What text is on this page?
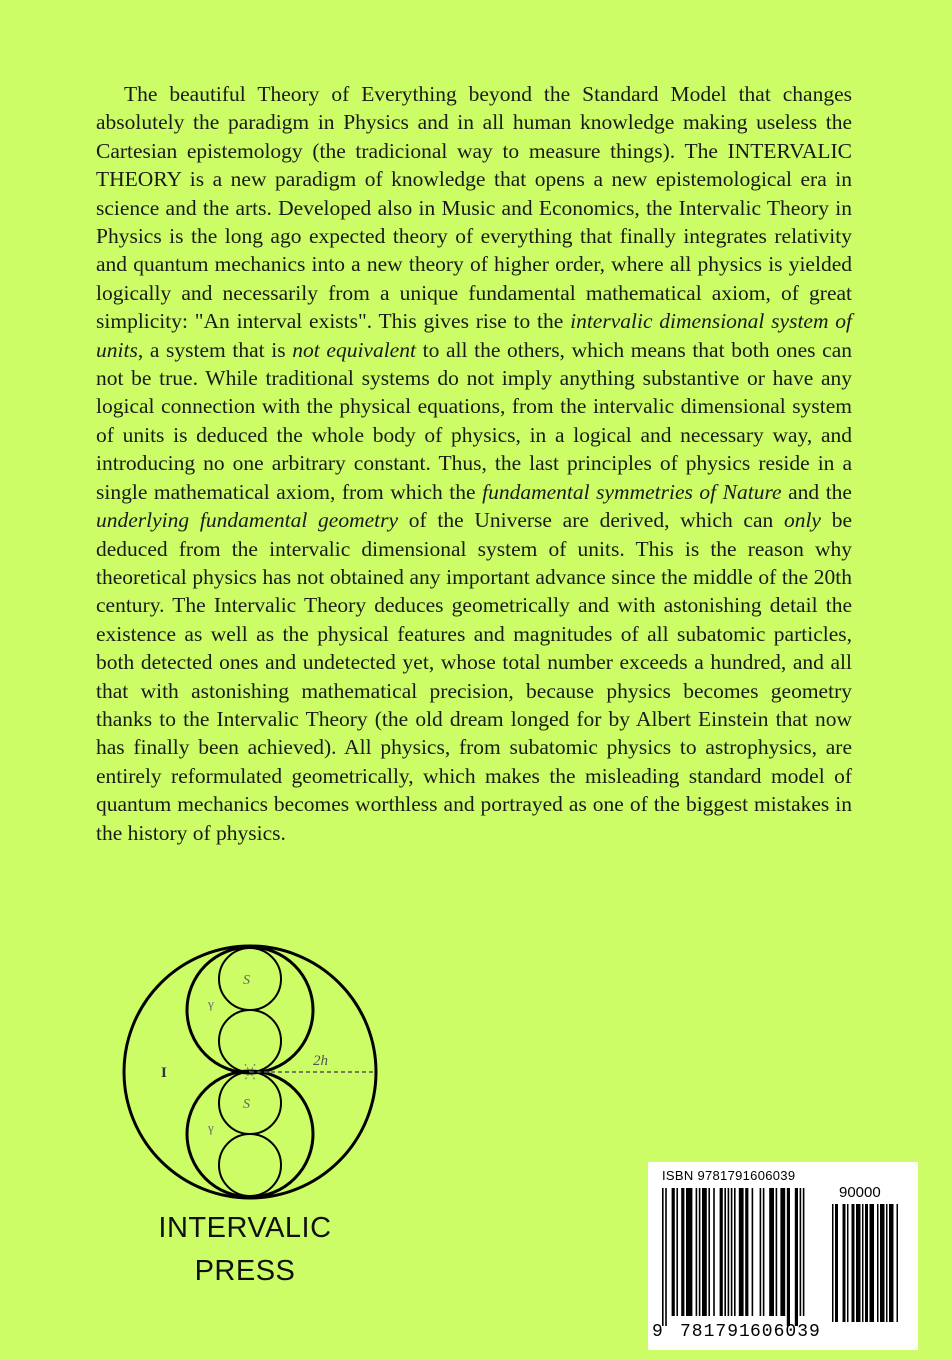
The beautiful Theory of Everything beyond the Standard Model that changes absolutely the paradigm in Physics and in all human knowledge making useless the Cartesian epistemology (the tradicional way to measure things). The INTERVALIC THEORY is a new paradigm of knowledge that opens a new epistemological era in science and the arts. Developed also in Music and Economics, the Intervalic Theory in Physics is the long ago expected theory of everything that finally integrates relativity and quantum mechanics into a new theory of higher order, where all physics is yielded logically and necessarily from a unique fundamental mathematical axiom, of great simplicity: "An interval exists". This gives rise to the intervalic dimensional system of units, a system that is not equivalent to all the others, which means that both ones can not be true. While traditional systems do not imply anything substantive or have any logical connection with the physical equations, from the intervalic dimensional system of units is deduced the whole body of physics, in a logical and necessary way, and introducing no one arbitrary constant. Thus, the last principles of physics reside in a single mathematical axiom, from which the fundamental symmetries of Nature and the underlying fundamental geometry of the Universe are derived, which can only be deduced from the intervalic dimensional system of units. This is the reason why theoretical physics has not obtained any important advance since the middle of the 20th century. The Intervalic Theory deduces geometrically and with astonishing detail the existence as well as the physical features and magnitudes of all subatomic particles, both detected ones and undetected yet, whose total number exceeds a hundred, and all that with astonishing mathematical precision, because physics becomes geometry thanks to the Intervalic Theory (the old dream longed for by Albert Einstein that now has finally been achieved). All physics, from subatomic physics to astrophysics, are entirely reformulated geometrically, which makes the misleading standard model of quantum mechanics becomes worthless and portrayed as one of the biggest mistakes in the history of physics.

I
S
S
γ
γ
2h
INTERVALIC
PRESS
ISBN 9781791606039
90000
9 781791 606039
